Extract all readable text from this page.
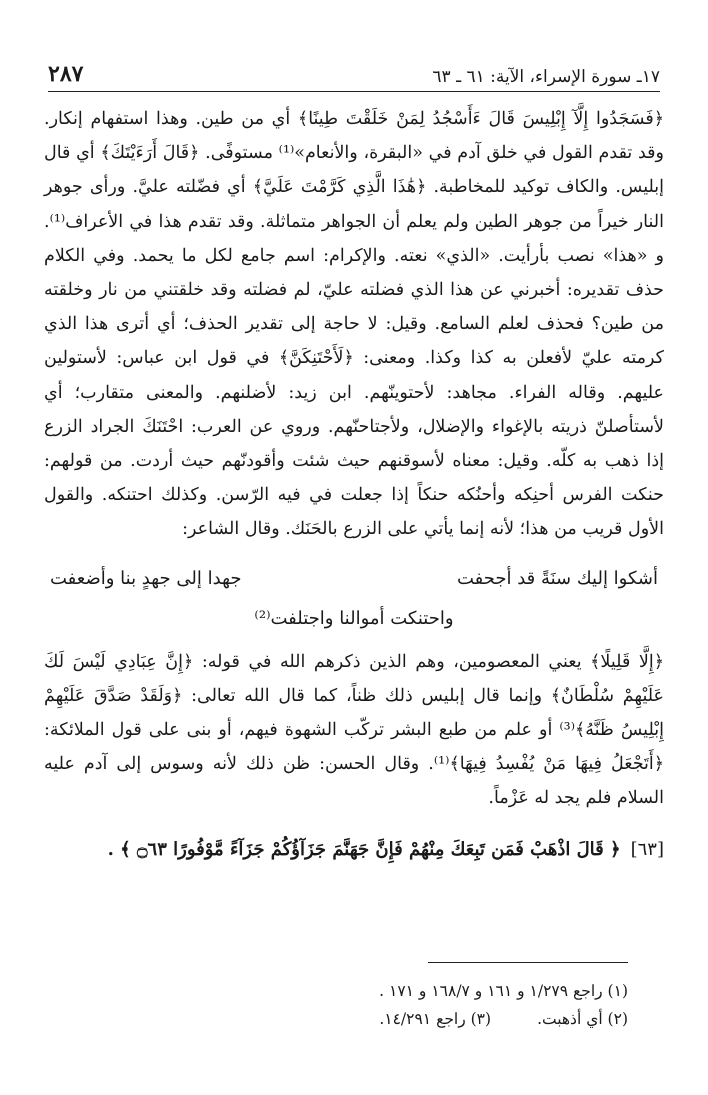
١٧ـ سورة الإسراء، الآية: ٦١ ـ ٦٣
٢٨٧

﴿فَسَجَدُوا إِلَّآ إِبْلِيسَ قَالَ ءَأَسْجُدُ لِمَنْ خَلَقْتَ طِينًا﴾ أي من طين. وهذا استفهام إنكار. وقد تقدم القول في خلق آدم في «البقرة، والأنعام»⁽¹⁾ مستوفًى. ﴿قَالَ أَرَءَيْتَكَ﴾ أي قال إبليس. والكاف توكيد للمخاطبة. ﴿هَٰذَا الَّذِي كَرَّمْتَ عَلَيَّ﴾ أي فضّلته عليَّ. ورأى جوهر النار خيراً من جوهر الطين ولم يعلم أن الجواهر متماثلة. وقد تقدم هذا في الأعراف⁽¹⁾. و «هذا» نصب بأرأيت. «الذي» نعته. والإكرام: اسم جامع لكل ما يحمد. وفي الكلام حذف تقديره: أخبرني عن هذا الذي فضلته عليّ، لم فضلته وقد خلقتني من نار وخلقته من طين؟ فحذف لعلم السامع. وقيل: لا حاجة إلى تقدير الحذف؛ أي أترى هذا الذي كرمته عليّ لأفعلن به كذا وكذا. ومعنى: ﴿لَأَحْتَنِكَنَّ﴾ في قول ابن عباس: لأستولين عليهم. وقاله الفراء. مجاهد: لأحتوينّهم. ابن زيد: لأضلنهم. والمعنى متقارب؛ أي لأستأصلنّ ذريته بالإغواء والإضلال، ولأجتاحنّهم. وروي عن العرب: احْتَنَكَ الجراد الزرع إذا ذهب به كلّه. وقيل: معناه لأسوقنهم حيث شئت وأقودنّهم حيث أردت. من قولهم: حنكت الفرس أحنِكه وأحنُكه حنكاً إذا جعلت في فيه الرّسن. وكذلك احتنكه. والقول الأول قريب من هذا؛ لأنه إنما يأتي على الزرع بالحَنَك. وقال الشاعر:

أشكوا إليك سنَةً قد أجحفت
جهدا إلى جهدٍ بنا وأضعفت
واحتنكت أموالنا واجتلفت⁽²⁾

﴿إِلَّا قَلِيلًا﴾ يعني المعصومين، وهم الذين ذكرهم الله في قوله: ﴿إِنَّ عِبَادِي لَيْسَ لَكَ عَلَيْهِمْ سُلْطَانٌ﴾ وإنما قال إبليس ذلك ظناً، كما قال الله تعالى: ﴿وَلَقَدْ صَدَّقَ عَلَيْهِمْ إِبْلِيسُ ظَنَّهُ﴾⁽³⁾ أو علم من طبع البشر تركّب الشهوة فيهم، أو بنى على قول الملائكة: ﴿أَتَجْعَلُ فِيهَا مَنْ يُفْسِدُ فِيهَا﴾⁽¹⁾. وقال الحسن: ظن ذلك لأنه وسوس إلى آدم عليه السلام فلم يجد له عَزْماً.

[٦٣]
﴿ قَالَ اذْهَبْ فَمَن تَبِعَكَ مِنْهُمْ فَإِنَّ جَهَنَّمَ جَزَآؤُكُمْ جَزَآءً مَّوْفُورًا ۝٦٣ ﴾ .
(١) راجع ١/٢٧٩ و ١٦١ و ١٦٨/٧ و ١٧١ .
(٢) أي أذهبت.
(٣) راجع ١٤/٢٩١.
